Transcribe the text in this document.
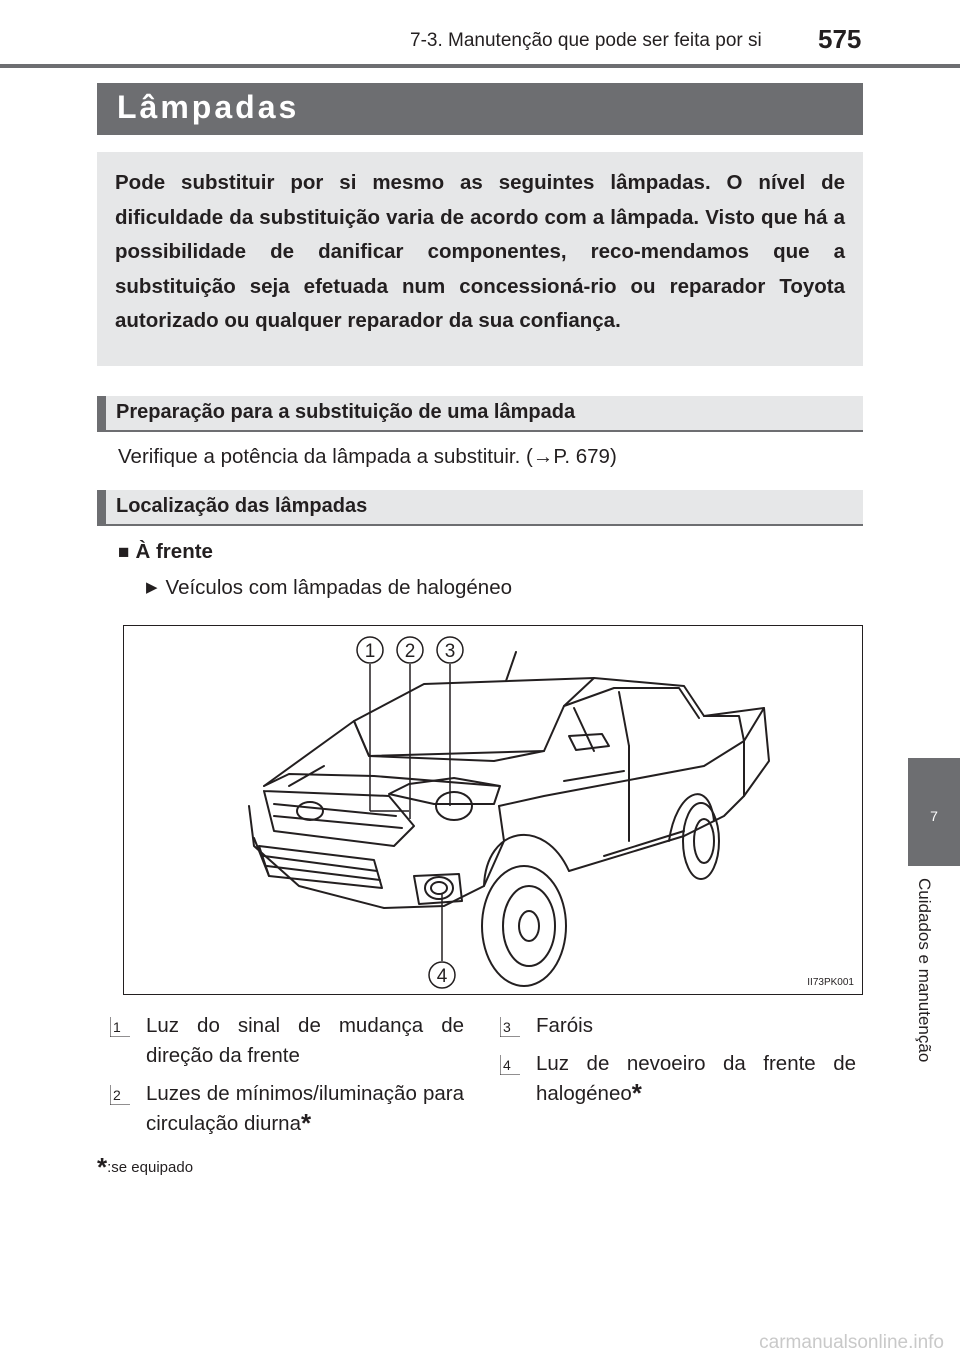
7-3. Manutenção que pode ser feita por si 575
Lâmpadas
Pode substituir por si mesmo as seguintes lâmpadas. O nível de dificuldade da substituição varia de acordo com a lâmpada. Visto que há a possibilidade de danificar componentes, reco-mendamos que a substituição seja efetuada num concessioná-rio ou reparador Toyota autorizado ou qualquer reparador da sua confiança.
Preparação para a substituição de uma lâmpada
Verifique a potência da lâmpada a substituir. (→P. 679)
Localização das lâmpadas
■ À frente
▶ Veículos com lâmpadas de halogéneo
1 2 3
4	II73PK001
1 Luz do sinal de mudança de direção da frente
2 Luzes de mínimos/iluminação para circulação diurna*
3 Faróis
4 Luz de nevoeiro da frente de halogéneo*
*:se equipado
7
Cuidados e manutenção
carmanualsonline.info
